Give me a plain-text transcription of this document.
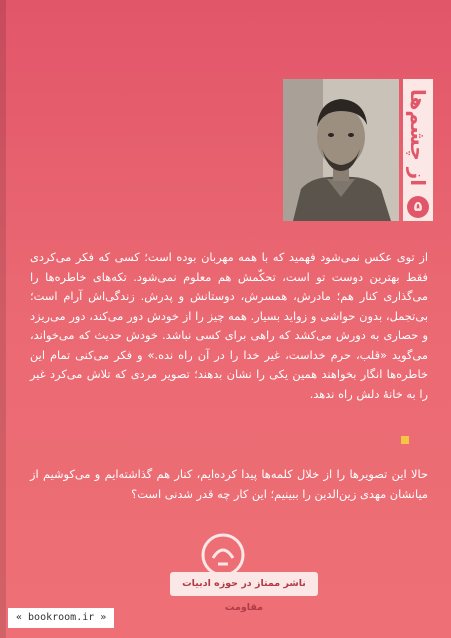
از چشم‌ها
۵

از توی عکس نمی‌شود فهمید که با همه مهربان بوده است؛ کسی که فکر می‌کردی فقط بهترین دوست تو است، تحکّمش هم معلوم نمی‌شود. تکه‌های خاطره‌ها را می‌گذاری کنار هم؛ مادرش، همسرش، دوستانش و پدرش. زندگی‌اش آرام است؛ بی‌تجمل، بدون حواشی و زواید بسیار. همه چیز را از خودش دور می‌کند، دور می‌ریزد و حصاری به دورش می‌کشد که راهی برای کسی نباشد. خودش حدیث که می‌خواند، می‌گوید «قلب، حرم خداست، غیر خدا را در آن راه نده.» و فکر می‌کنی تمام این خاطره‌ها انگار بخواهند همین یکی را نشان بدهند؛ تصویر مردی که تلاش می‌کرد غیر را به خانهٔ دلش راه ندهد.

حالا این تصویرها را از خلال کلمه‌ها پیدا کرده‌ایم، کنار هم گذاشته‌ایم و می‌کوشیم از میانشان مهدی زین‌الدین را ببینیم؛ این کار چه قدر شدنی است؟

ناشر ممتاز در حوزه ادبیات مقاومت
« bookroom.ir »
